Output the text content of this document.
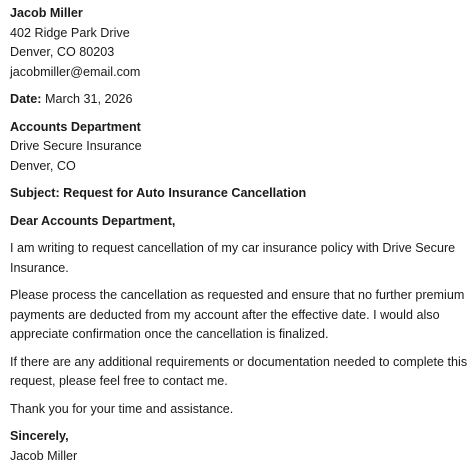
Jacob Miller
402 Ridge Park Drive
Denver, CO 80203
jacobmiller@email.com
Date: March 31, 2026
Accounts Department
Drive Secure Insurance
Denver, CO
Subject: Request for Auto Insurance Cancellation
Dear Accounts Department,
I am writing to request cancellation of my car insurance policy with Drive Secure Insurance.
Please process the cancellation as requested and ensure that no further premium payments are deducted from my account after the effective date. I would also appreciate confirmation once the cancellation is finalized.
If there are any additional requirements or documentation needed to complete this request, please feel free to contact me.
Thank you for your time and assistance.
Sincerely,
Jacob Miller
